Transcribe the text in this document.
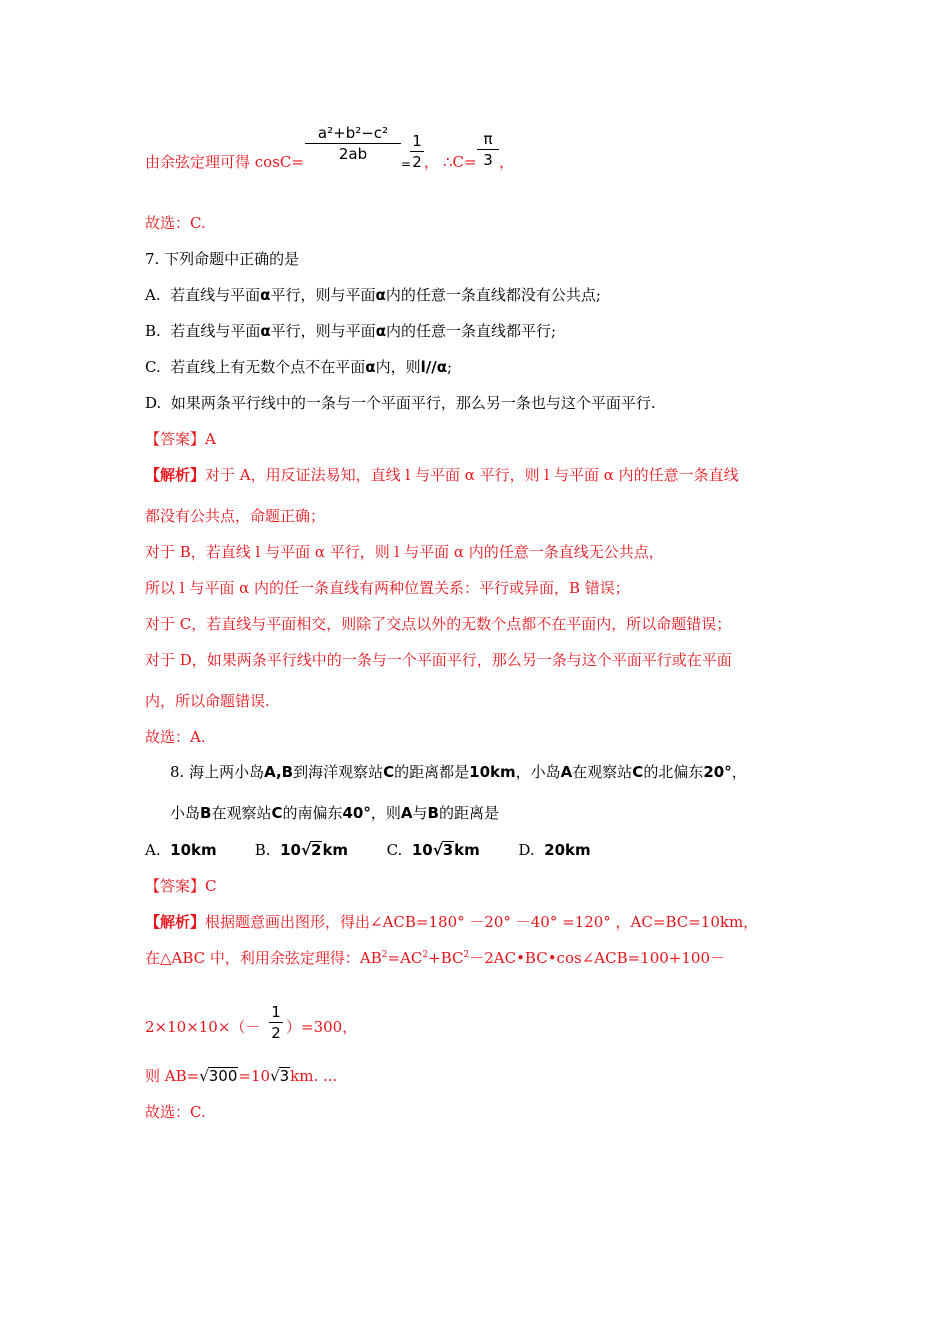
由余弦定理可得 cosC=
a²+b²−c²
2ab
=
1
2 ， ∴C=
π
3 ，
故选：C.
7. 下列命题中正确的是
A. 若直线与平面α平行，则与平面α内的任意一条直线都没有公共点;
B. 若直线与平面α平行，则与平面α内的任意一条直线都平行;
C. 若直线上有无数个点不在平面α内，则l//α;
D. 如果两条平行线中的一条与一个平面平行，那么另一条也与这个平面平行.
【答案】A
【解析】对于 A，用反证法易知，直线 l 与平面 α 平行，则 l 与平面 α 内的任意一条直线
都没有公共点，命题正确；
对于 B，若直线 l 与平面 α 平行，则 l 与平面 α 内的任意一条直线无公共点，
所以 l 与平面 α 内的任一条直线有两种位置关系：平行或异面，B 错误；
对于 C，若直线与平面相交，则除了交点以外的无数个点都不在平面内，所以命题错误；
对于 D，如果两条平行线中的一条与一个平面平行，那么另一条与这个平面平行或在平面
内，所以命题错误.
故选：A.
8. 海上两小岛A,B到海洋观察站C的距离都是10km，小岛A在观察站C的北偏东20°，
小岛B在观察站C的南偏东40°，则A与B的距离是
A. 10km	B. 10√2km	C. 10√3km	D. 20km
【答案】C
【解析】根据题意画出图形，得出∠ACB=180° －20° －40° =120° ，AC=BC=10km，
在△ABC 中，利用余弦定理得：$AB^2=AC^2+BC^2-2AC•BC•\cos\angle ACB=100+100-$
2×10×10×（－
1
2 ）=300，
则 AB=√300=10√3km. ...
故选：C.
